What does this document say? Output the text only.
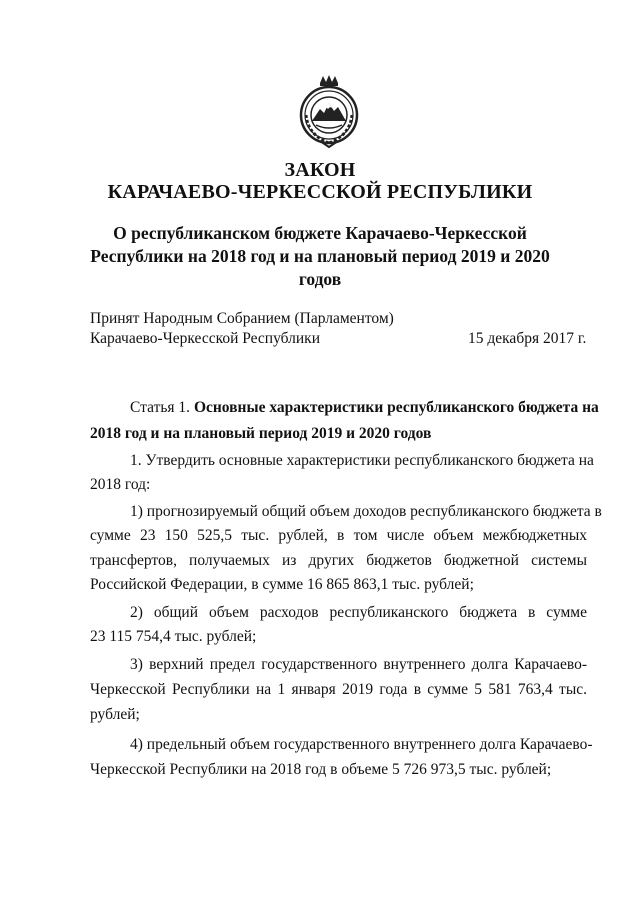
ЗАКОН
КАРАЧАЕВО-ЧЕРКЕССКОЙ РЕСПУБЛИКИ
О республиканском бюджете Карачаево-Черкесской
Республики на 2018 год и на плановый период 2019 и 2020 годов
Принят Народным Собранием (Парламентом)
Карачаево-Черкесской Республики	15 декабря 2017 г.
Статья 1. Основные характеристики республиканского бюджета на
2018 год и на плановый период 2019 и 2020 годов
1. Утвердить основные характеристики республиканского бюджета на
2018 год:
1) прогнозируемый общий объем доходов республиканского бюджета в
сумме 23 150 525,5 тыс. рублей, в том числе объем межбюджетных
трансфертов, получаемых из других бюджетов бюджетной системы
Российской Федерации, в сумме 16 865 863,1 тыс. рублей;
2) общий объем расходов республиканского бюджета в сумме
23 115 754,4 тыс. рублей;
3) верхний предел государственного внутреннего долга Карачаево-
Черкесской Республики на 1 января 2019 года в сумме 5 581 763,4 тыс.
рублей;
4) предельный объем государственного внутреннего долга Карачаево-
Черкесской Республики на 2018 год в объеме 5 726 973,5 тыс. рублей;
